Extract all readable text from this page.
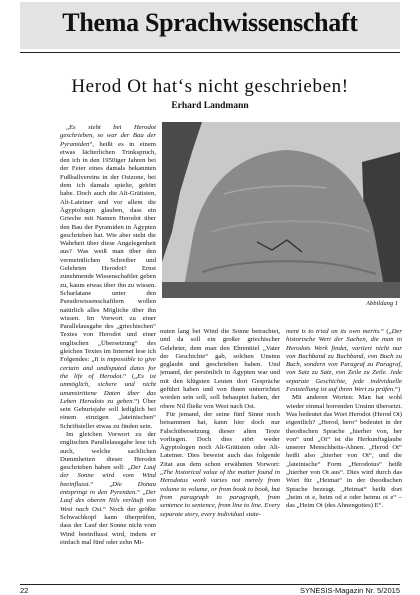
Thema Sprachwissenschaft
Herod Ot hat‘s nicht geschrieben!
Erhard Landmann

„Es steht bei Herodot geschrieben, so war der Bau der Pyramiden“, heißt es in einem etwas lächerlichen Trinkspruch, den ich in den 1950iger Jahren bei der Feier eines damals bekannten Fußballvereins in der Ostzone, bei dem ich damals spielte, gehört habe. Doch auch die Alt-Grätisten, Alt-Lateiner und vor allem die Ägyptologen glauben, dass ein Grieche mit Namen Herodot über den Bau der Pyramiden in Ägypten geschrieben hat. Wie aber steht die Wahrheit über diese Angelegenheit aus? Was weiß man über den vermeintlichen Schreiber und Gelehrten Herodot? Ernst zunehmende Wissenschaftler geben zu, kaum etwas über ihn zu wissen. Scharlatane unter den Pseudowissenschaftlern wollen natürlich alles Mögliche über ihn wissen. Im Vorwort zu einer Parallelausgabe des „griechischen“ Textes von Herodot und einer englischen „Übersetzung“ des gleichen Textes im Internet lese ich Folgendes: „It is impossible to give certain and undisputed dates for the life of Herodot.“ („Es ist unmöglich, sichere und nicht unumstrittene Daten über das Leben Herodots zu geben.“) Über sein Geburtsjahr soll lediglich bei einem einzigen „lateinischen“ Schriftsteller etwas zu finden sein.

Im gleichen Vorwort zu der englischen Parallelausgabe lese ich auch, welche sachlichen Dummheiten dieser Herodot geschrieben haben soll: „Der Lauf der Sonne wird vom Wind beeinflusst.“ „Die Donau entspringt in den Pyrenäen.“ „Der Lauf des oberen Nils verläuft von West nach Ost.“ Noch der größte Schwachkopf kann überprüfen, dass der Lauf der Sonne nicht vom Wind beeinflusst wird, indem er einfach mal fünf oder zehn Mi-

Abbildung 1

nuten lang bei Wind die Sonne betrachtet, und da soll ein großer griechischer Gelehrter, dem man den Ehrentitel „Vater der Geschichte“ gab, solchen Unsinn geglaubt und geschrieben haben. Und jemand, der persönlich in Ägypten war und mit den klügsten Leuten dort Gespräche geführt haben und von ihnen unterrichtet worden sein soll, soll behauptet haben, der obere Nil fließe von West nach Ost.

Für jemand, der seine fünf Sinne noch beisammen hat, kann hier doch nur Falschübersetzung dieser alten Texte vorliegen. Doch dies stört weder Ägyptologen noch Alt-Grätisten oder Alt-Lateiner. Dies beweist auch das folgende Zitat aus dem schon erwähnten Vorwort: „The historical value of the matter found in Herodotus work varies not merely from volume to volume, or from book to book, but from paragraph to paragraph, from sentence to sentence, from line to line. Every separate story, every individual state-

ment is to tried on its own merits.“ („Der historische Wert der Sachen, die man in Herodots Werk findet, variiert nicht nur von Buchband zu Buchband, von Buch zu Buch, sondern von Paragraf zu Paragraf, von Satz zu Satz, von Zeile zu Zeile. Jede separate Geschichte, jede individuelle Feststellung ist auf ihren Wert zu prüfen.“)

Mit anderen Worten: Man hat wohl wieder einmal horrenden Unsinn übersetzt. Was bedeutet das Wort Herodot (Herod Ot) eigentlich? „Herod, hero“ bedeutet in der theodischen Sprache „hierher von, her von“ und „Ot“ ist die Herkunftsglaube unserer Menschheits-Ahnen. „Herod Ot“ heißt also „hierher von Ot“, und die „lateinische“ Form „Herodotus“ heißt „hierher von Ot aus“. Dies wird durch das Wort für „Heimat“ in der theodischen Sprache bezeugt. „Heimat“ heißt dort „heim ot e, heim od e oder heimu ot e“ – das „Heim Ot (des Ahnengottes) E“.

22	SYNESIS-Magazin Nr. 5/2015
